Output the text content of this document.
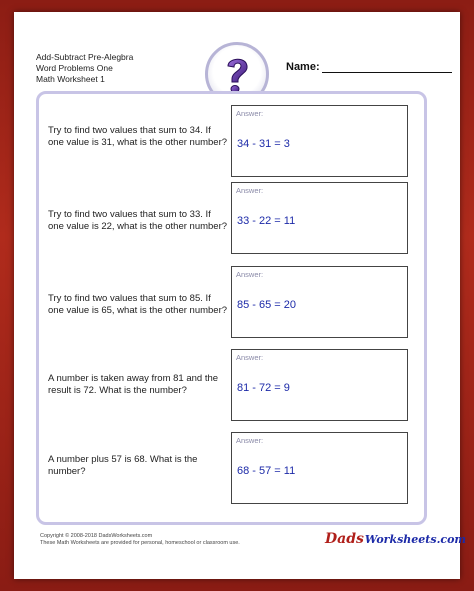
Add-Subtract Pre-Alegbra
Word Problems One
Math Worksheet 1
Name:
Try to find two values that sum to 34. If one value is 31, what is the other number?
Answer:
34 - 31 = 3
Try to find two values that sum to 33. If one value is 22, what is the other number?
Answer:
33 - 22 = 11
Try to find two values that sum to 85. If one value is 65, what is the other number?
Answer:
85 - 65 = 20
A number is taken away from 81 and the result is 72. What is the number?
Answer:
81 - 72 = 9
A number plus 57 is 68. What is the number?
Answer:
68 - 57 = 11
Copyright © 2008-2018 DadsWorksheets.com
These Math Worksheets are provided for personal, homeschool or classroom use.	Dads Worksheets.com
